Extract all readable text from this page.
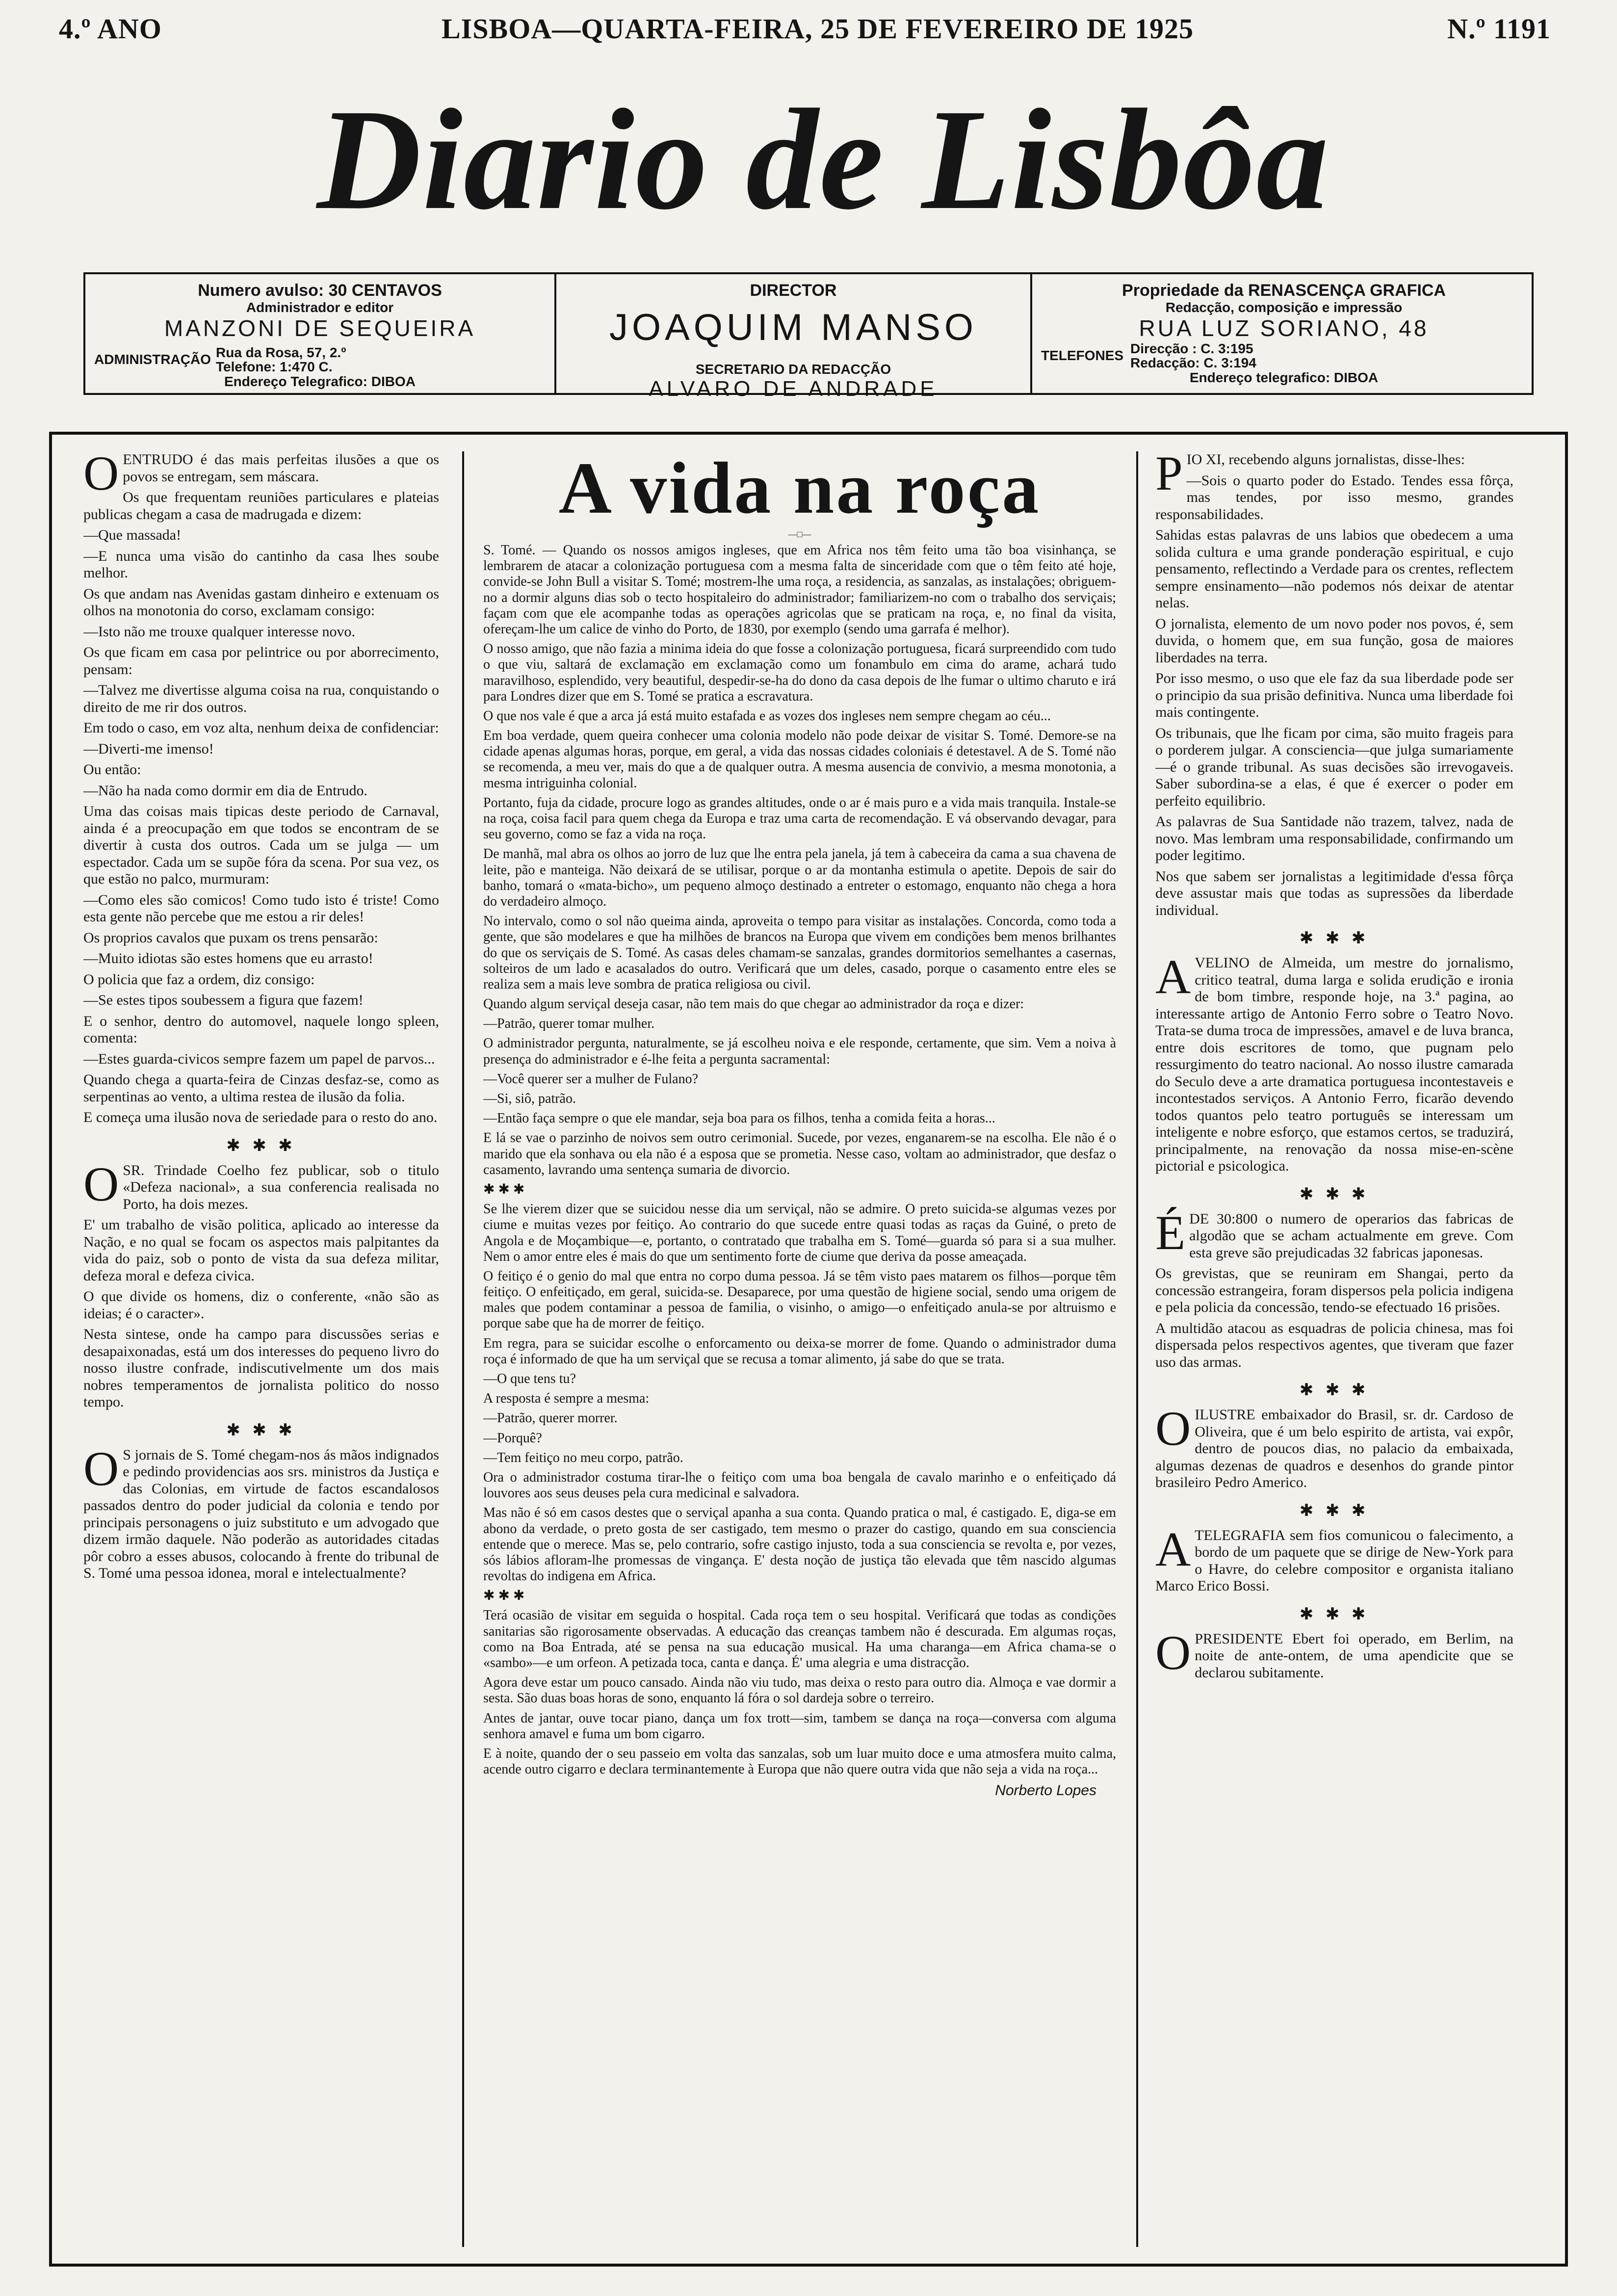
4.º ANO	LISBOA—QUARTA-FEIRA, 25 DE FEVEREIRO DE 1925	N.º 1191
Diario de Lisbôa
Numero avulso: 30 CENTAVOS
Administrador e editor
MANZONI DE SEQUEIRA
ADMINISTRAÇÃO Rua da Rosa, 57, 2.º
Telefone: 1:470 C.
Endereço Telegrafico: DIBOA
DIRECTOR
JOAQUIM MANSO
SECRETARIO DA REDACÇÃO
ALVARO DE ANDRADE
Propriedade da RENASCENÇA GRAFICA
Redacção, composição e impressão
RUA LUZ SORIANO, 48
TELEFONES Direcção : C. 3:195
Redacção: C. 3:194
Endereço telegrafico: DIBOA

OENTRUDO é das mais perfeitas ilusões a que os povos se entregam, sem máscara.

Os que frequentam reuniões particulares e plateias publicas chegam a casa de madrugada e dizem:

—Que massada!

—E nunca uma visão do cantinho da casa lhes soube melhor.

Os que andam nas Avenidas gastam dinheiro e extenuam os olhos na monotonia do corso, exclamam consigo:

—Isto não me trouxe qualquer interesse novo.

Os que ficam em casa por pelintrice ou por aborrecimento, pensam:

—Talvez me divertisse alguma coisa na rua, conquistando o direito de me rir dos outros.

Em todo o caso, em voz alta, nenhum deixa de confidenciar:

—Diverti-me imenso!

Ou então:

—Não ha nada como dormir em dia de Entrudo.

Uma das coisas mais tipicas deste periodo de Carnaval, ainda é a preocupação em que todos se encontram de se divertir à custa dos outros. Cada um se julga — um espectador. Cada um se supõe fóra da scena. Por sua vez, os que estão no palco, murmuram:

—Como eles são comicos! Como tudo isto é triste! Como esta gente não percebe que me estou a rir deles!

Os proprios cavalos que puxam os trens pensarão:

—Muito idiotas são estes homens que eu arrasto!

O policia que faz a ordem, diz consigo:

—Se estes tipos soubessem a figura que fazem!

E o senhor, dentro do automovel, naquele longo spleen, comenta:

—Estes guarda-civicos sempre fazem um papel de parvos...

Quando chega a quarta-feira de Cinzas desfaz-se, como as serpentinas ao vento, a ultima restea de ilusão da folia.

E começa uma ilusão nova de seriedade para o resto do ano.

✱ ✱ ✱

OSR. Trindade Coelho fez publicar, sob o titulo «Defeza nacional», a sua conferencia realisada no Porto, ha dois mezes.

E' um trabalho de visão politica, aplicado ao interesse da Nação, e no qual se focam os aspectos mais palpitantes da vida do paiz, sob o ponto de vista da sua defeza militar, defeza moral e defeza civica.

O que divide os homens, diz o conferente, «não são as ideias; é o caracter».

Nesta sintese, onde ha campo para discussões serias e desapaixonadas, está um dos interesses do pequeno livro do nosso ilustre confrade, indiscutivelmente um dos mais nobres temperamentos de jornalista politico do nosso tempo.

✱ ✱ ✱

O S jornais de S. Tomé chegam-nos ás mãos indignados e pedindo providencias aos srs. ministros da Justiça e das Colonias, em virtude de factos escandalosos passados dentro do poder judicial da colonia e tendo por principais personagens o juiz substituto e um advogado que dizem irmão daquele. Não poderão as autoridades citadas pôr cobro a esses abusos, colocando à frente do tribunal de S. Tomé uma pessoa idonea, moral e intelectualmente?

A vida na roça
—□—

S. Tomé. — Quando os nossos amigos ingleses, que em Africa nos têm feito uma tão boa visinhança, se lembrarem de atacar a colonização portuguesa com a mesma falta de sinceridade com que o têm feito até hoje, convide-se John Bull a visitar S. Tomé; mostrem-lhe uma roça, a residencia, as sanzalas, as instalações; obriguem-no a dormir alguns dias sob o tecto hospitaleiro do administrador; familiarizem-no com o trabalho dos serviçais; façam com que ele acompanhe todas as operações agricolas que se praticam na roça, e, no final da visita, ofereçam-lhe um calice de vinho do Porto, de 1830, por exemplo (sendo uma garrafa é melhor).

O nosso amigo, que não fazia a minima ideia do que fosse a colonização portuguesa, ficará surpreendido com tudo o que viu, saltará de exclamação em exclamação como um fonambulo em cima do arame, achará tudo maravilhoso, esplendido, very beautiful, despedir-se-ha do dono da casa depois de lhe fumar o ultimo charuto e irá para Londres dizer que em S. Tomé se pratica a escravatura.

O que nos vale é que a arca já está muito estafada e as vozes dos ingleses nem sempre chegam ao céu...

Em boa verdade, quem queira conhecer uma colonia modelo não pode deixar de visitar S. Tomé. Demore-se na cidade apenas algumas horas, porque, em geral, a vida das nossas cidades coloniais é detestavel. A de S. Tomé não se recomenda, a meu ver, mais do que a de qualquer outra. A mesma ausencia de convivio, a mesma monotonia, a mesma intriguinha colonial.

Portanto, fuja da cidade, procure logo as grandes altitudes, onde o ar é mais puro e a vida mais tranquila. Instale-se na roça, coisa facil para quem chega da Europa e traz uma carta de recomendação. E vá observando devagar, para seu governo, como se faz a vida na roça.

De manhã, mal abra os olhos ao jorro de luz que lhe entra pela janela, já tem à cabeceira da cama a sua chavena de leite, pão e manteiga. Não deixará de se utilisar, porque o ar da montanha estimula o apetite. Depois de sair do banho, tomará o «mata-bicho», um pequeno almoço destinado a entreter o estomago, enquanto não chega a hora do verdadeiro almoço.

No intervalo, como o sol não queima ainda, aproveita o tempo para visitar as instalações. Concorda, como toda a gente, que são modelares e que ha milhões de brancos na Europa que vivem em condições bem menos brilhantes do que os serviçais de S. Tomé. As casas deles chamam-se sanzalas, grandes dormitorios semelhantes a casernas, solteiros de um lado e acasalados do outro. Verificará que um deles, casado, porque o casamento entre eles se realiza sem a mais leve sombra de pratica religiosa ou civil.

Quando algum serviçal deseja casar, não tem mais do que chegar ao administrador da roça e dizer:

—Patrão, querer tomar mulher.

O administrador pergunta, naturalmente, se já escolheu noiva e ele responde, certamente, que sim. Vem a noiva à presença do administrador e é-lhe feita a pergunta sacramental:

—Você querer ser a mulher de Fulano?

—Si, siô, patrão.

—Então faça sempre o que ele mandar, seja boa para os filhos, tenha a comida feita a horas...

E lá se vae o parzinho de noivos sem outro cerimonial. Sucede, por vezes, enganarem-se na escolha. Ele não é o marido que ela sonhava ou ela não é a esposa que se prometia. Nesse caso, voltam ao administrador, que desfaz o casamento, lavrando uma sentença sumaria de divorcio.

✱ ✱ ✱

Se lhe vierem dizer que se suicidou nesse dia um serviçal, não se admire. O preto suicida-se algumas vezes por ciume e muitas vezes por feitiço. Ao contrario do que sucede entre quasi todas as raças da Guiné, o preto de Angola e de Moçambique—e, portanto, o contratado que trabalha em S. Tomé—guarda só para si a sua mulher. Nem o amor entre eles é mais do que um sentimento forte de ciume que deriva da posse ameaçada.

O feitiço é o genio do mal que entra no corpo duma pessoa. Já se têm visto paes matarem os filhos—porque têm feitiço. O enfeitiçado, em geral, suicida-se. Desaparece, por uma questão de higiene social, sendo uma origem de males que podem contaminar a pessoa de familia, o visinho, o amigo—o enfeitiçado anula-se por altruismo e porque sabe que ha de morrer de feitiço.

Em regra, para se suicidar escolhe o enforcamento ou deixa-se morrer de fome. Quando o administrador duma roça é informado de que ha um serviçal que se recusa a tomar alimento, já sabe do que se trata.

—O que tens tu?

A resposta é sempre a mesma:

—Patrão, querer morrer.

—Porquê?

—Tem feitiço no meu corpo, patrão.

Ora o administrador costuma tirar-lhe o feitiço com uma boa bengala de cavalo marinho e o enfeitiçado dá louvores aos seus deuses pela cura medicinal e salvadora.

Mas não é só em casos destes que o serviçal apanha a sua conta. Quando pratica o mal, é castigado. E, diga-se em abono da verdade, o preto gosta de ser castigado, tem mesmo o prazer do castigo, quando em sua consciencia entende que o merece. Mas se, pelo contrario, sofre castigo injusto, toda a sua consciencia se revolta e, por vezes, sós lábios afloram-lhe promessas de vingança. E' desta noção de justiça tão elevada que têm nascido algumas revoltas do indigena em Africa.

✱ ✱ ✱

Terá ocasião de visitar em seguida o hospital. Cada roça tem o seu hospital. Verificará que todas as condições sanitarias são rigorosamente observadas. A educação das creanças tambem não é descurada. Em algumas roças, como na Boa Entrada, até se pensa na sua educação musical. Ha uma charanga—em Africa chama-se o «sambo»—e um orfeon. A petizada toca, canta e dança. É' uma alegria e uma distracção.

Agora deve estar um pouco cansado. Ainda não viu tudo, mas deixa o resto para outro dia. Almoça e vae dormir a sesta. São duas boas horas de sono, enquanto lá fóra o sol dardeja sobre o terreiro.

Antes de jantar, ouve tocar piano, dança um fox trott—sim, tambem se dança na roça—conversa com alguma senhora amavel e fuma um bom cigarro.

E à noite, quando der o seu passeio em volta das sanzalas, sob um luar muito doce e uma atmosfera muito calma, acende outro cigarro e declara terminantemente à Europa que não quere outra vida que não seja a vida na roça...

Norberto Lopes

PIO XI, recebendo alguns jornalistas, disse-lhes:

—Sois o quarto poder do Estado. Tendes essa fôrça, mas tendes, por isso mesmo, grandes responsabilidades.

Sahidas estas palavras de uns labios que obedecem a uma solida cultura e uma grande ponderação espiritual, e cujo pensamento, reflectindo a Verdade para os crentes, reflectem sempre ensinamento—não podemos nós deixar de atentar nelas.

O jornalista, elemento de um novo poder nos povos, é, sem duvida, o homem que, em sua função, gosa de maiores liberdades na terra.

Por isso mesmo, o uso que ele faz da sua liberdade pode ser o principio da sua prisão definitiva. Nunca uma liberdade foi mais contingente.

Os tribunais, que lhe ficam por cima, são muito frageis para o porderem julgar. A consciencia—que julga sumariamente—é o grande tribunal. As suas decisões são irrevogaveis. Saber subordina-se a elas, é que é exercer o poder em perfeito equilibrio.

As palavras de Sua Santidade não trazem, talvez, nada de novo. Mas lembram uma responsabilidade, confirmando um poder legitimo.

Nos que sabem ser jornalistas a legitimidade d'essa fôrça deve assustar mais que todas as supressões da liberdade individual.

✱ ✱ ✱

AVELINO de Almeida, um mestre do jornalismo, critico teatral, duma larga e solida erudição e ironia de bom timbre, responde hoje, na 3.ª pagina, ao interessante artigo de Antonio Ferro sobre o Teatro Novo. Trata-se duma troca de impressões, amavel e de luva branca, entre dois escritores de tomo, que pugnam pelo ressurgimento do teatro nacional. Ao nosso ilustre camarada do Seculo deve a arte dramatica portuguesa incontestaveis e incontestados serviços. A Antonio Ferro, ficarão devendo todos quantos pelo teatro português se interessam um inteligente e nobre esforço, que estamos certos, se traduzirá, principalmente, na renovação da nossa mise-en-scène pictorial e psicologica.

✱ ✱ ✱

ÉDE 30:800 o numero de operarios das fabricas de algodão que se acham actualmente em greve. Com esta greve são prejudicadas 32 fabricas japonesas.

Os grevistas, que se reuniram em Shangai, perto da concessão estrangeira, foram dispersos pela policia indigena e pela policia da concessão, tendo-se efectuado 16 prisões.

A multidão atacou as esquadras de policia chinesa, mas foi dispersada pelos respectivos agentes, que tiveram que fazer uso das armas.

✱ ✱ ✱

OILUSTRE embaixador do Brasil, sr. dr. Cardoso de Oliveira, que é um belo espirito de artista, vai expôr, dentro de poucos dias, no palacio da embaixada, algumas dezenas de quadros e desenhos do grande pintor brasileiro Pedro Americo.

✱ ✱ ✱

ATELEGRAFIA sem fios comunicou o falecimento, a bordo de um paquete que se dirige de New-York para o Havre, do celebre compositor e organista italiano Marco Erico Bossi.

✱ ✱ ✱

OPRESIDENTE Ebert foi operado, em Berlim, na noite de ante-ontem, de uma apendicite que se declarou subitamente.
